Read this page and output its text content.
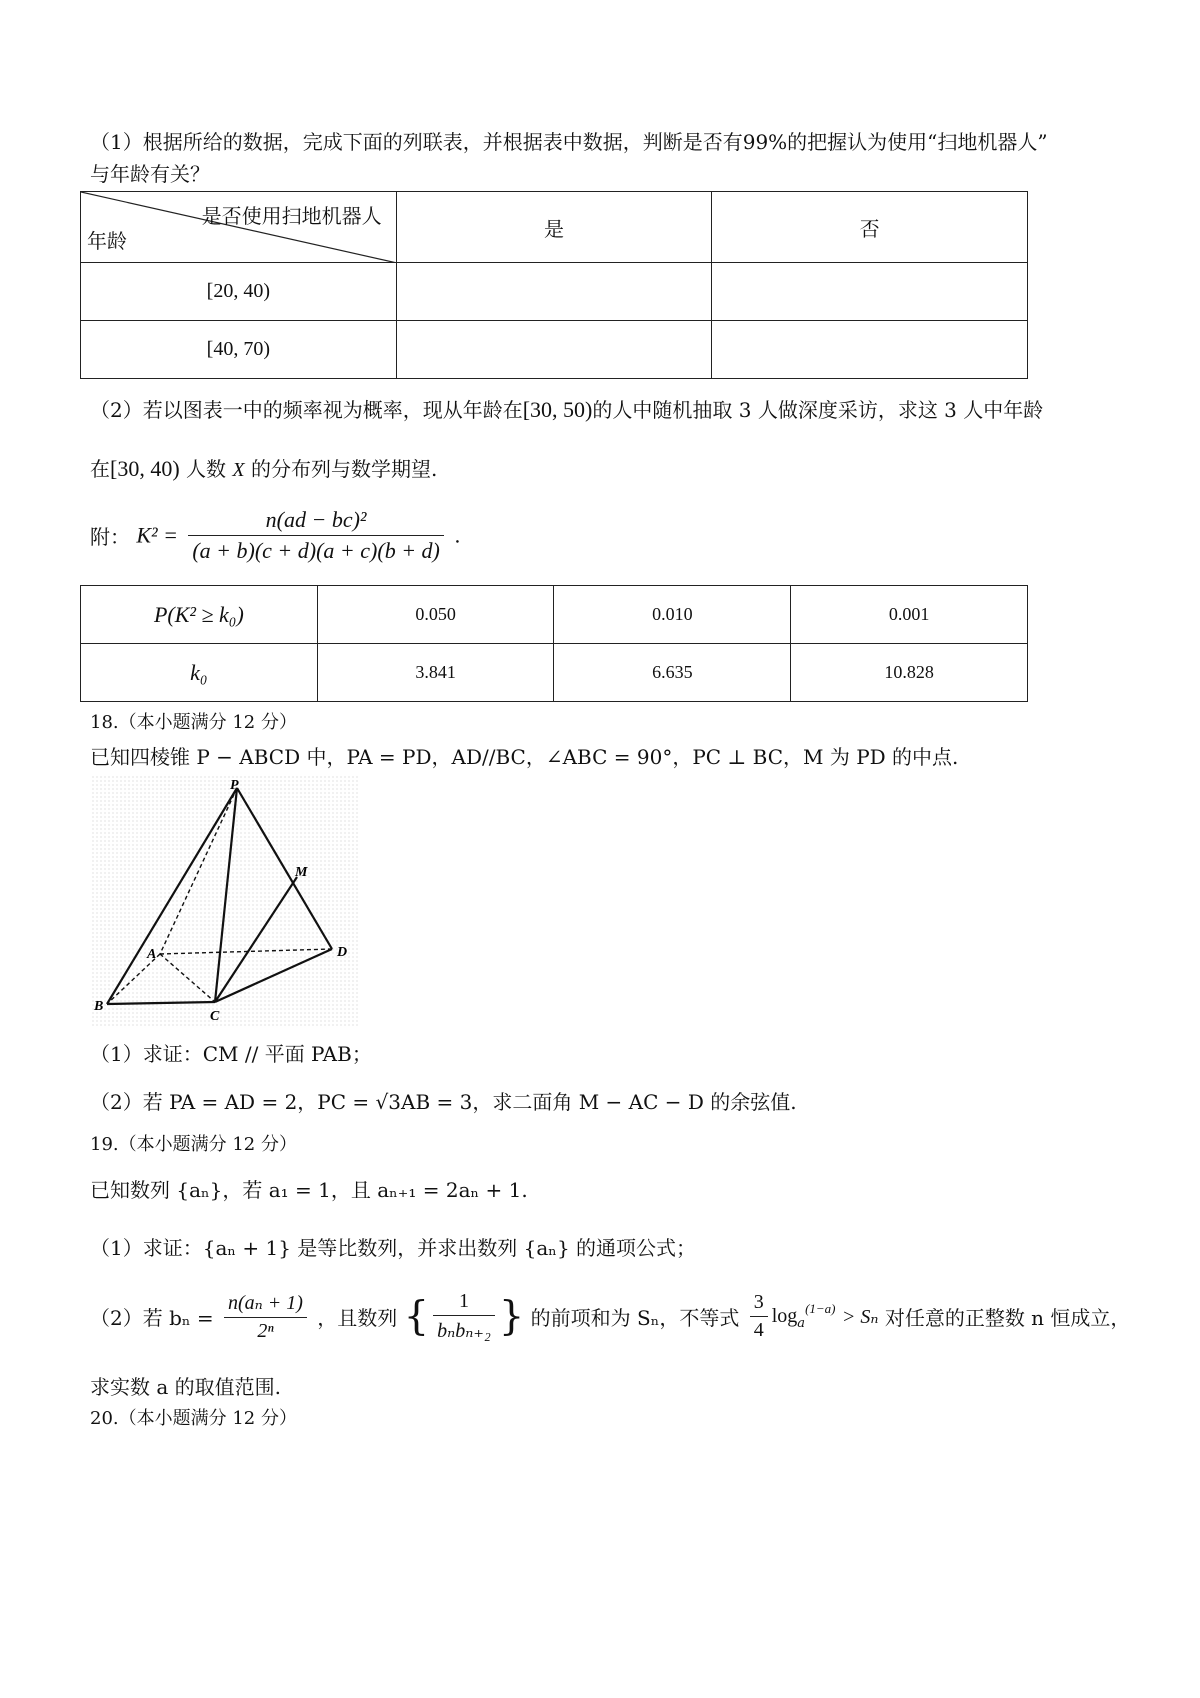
（1）根据所给的数据，完成下面的列联表，并根据表中数据，判断是否有99%的把握认为使用“扫地机器人”
与年龄有关？
是否使用扫地机器人
年龄	是	否
[20, 40)		
[40, 70)		
（2）若以图表一中的频率视为概率，现从年龄在[30, 50)的人中随机抽取 3 人做深度采访，求这 3 人中年龄
在[30, 40) 人数 X 的分布列与数学期望.
附： $K^2 = \frac{\text{n(ad − bc)²}}{(a + b)(c + d)(a + c)(b + d)}$ .
P(K² ≥ k₀)	0.050	0.010	0.001
k₀	3.841	6.635	10.828
18.（本小题满分 12 分）
已知四棱锥 P − ABCD 中，PA = PD，AD//BC，∠ABC = 90°，PC ⊥ BC，M 为 PD 的中点.
P
M
A	D
B
C
（1）求证：CM // 平面 PAB；
（2）若 PA = AD = 2，PC = √3AB = 3，求二面角 M − AC − D 的余弦值.
19.（本小题满分 12 分）
已知数列 {aₙ}，若 a₁ = 1，且 aₙ₊₁ = 2aₙ + 1.
（1）求证：{aₙ + 1} 是等比数列，并求出数列 {aₙ} 的通项公式；
（2）若 $b_n = \frac{\text{n(aₙ + 1)}}{\text{2ⁿ}}$ ，且数列 { $\frac{1}{\text{bₙbₙ₊₂}}$ } 的前项和为 Sₙ，不等式 $\frac{3}{4} \log_a^{(1-a)} > S_n$ 对任意的正整数 n 恒成立，
求实数 a 的取值范围.
20.（本小题满分 12 分）
